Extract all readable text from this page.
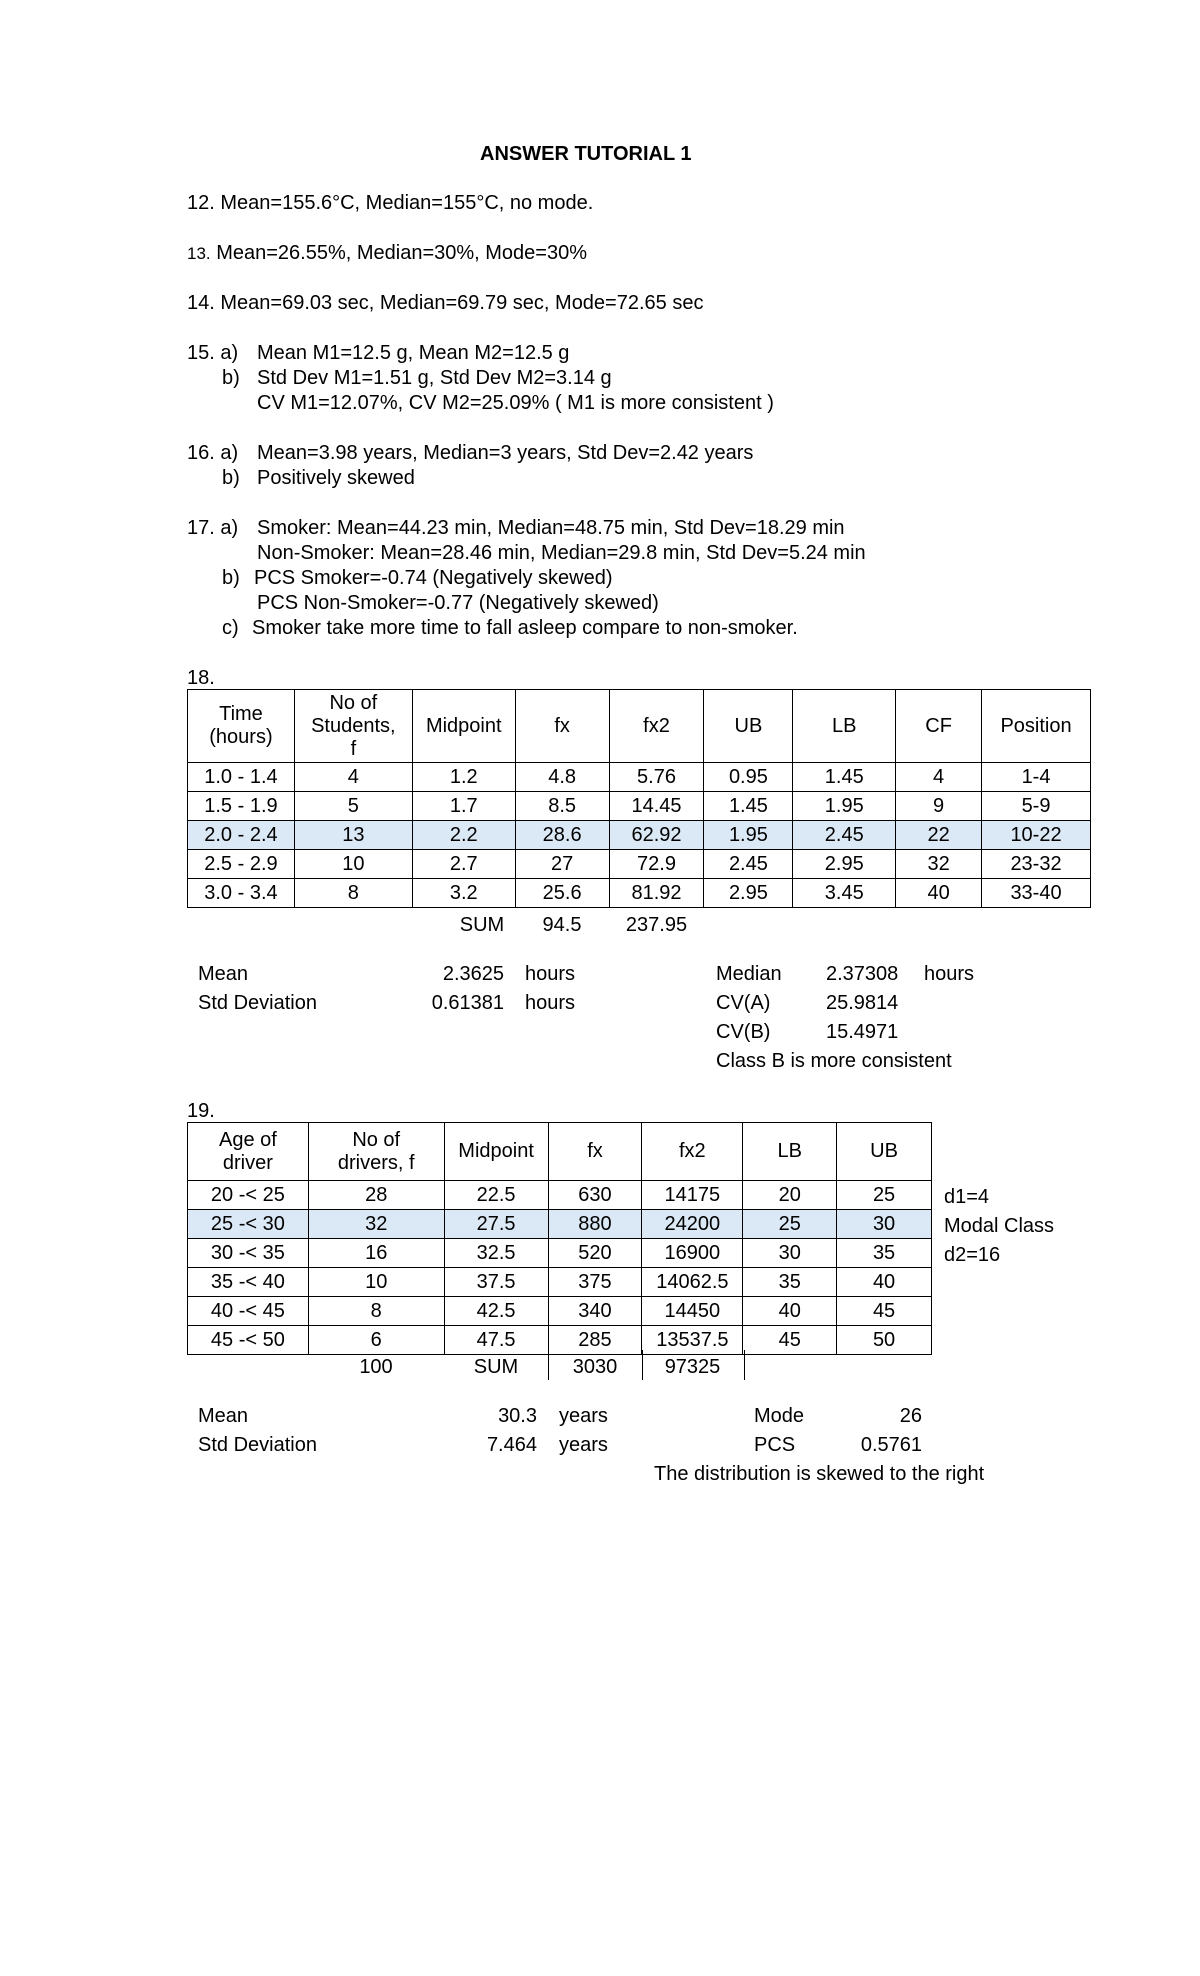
ANSWER TUTORIAL 1
12. Mean=155.6°C, Median=155°C, no mode.
13. Mean=26.55%, Median=30%, Mode=30%
14. Mean=69.03 sec, Median=69.79 sec, Mode=72.65 sec
15. a) Mean M1=12.5 g, Mean M2=12.5 g
b) Std Dev M1=1.51 g, Std Dev M2=3.14 g
CV M1=12.07%, CV M2=25.09% ( M1 is more consistent )
16. a) Mean=3.98 years, Median=3 years, Std Dev=2.42 years
b) Positively skewed
17. a) Smoker: Mean=44.23 min, Median=48.75 min, Std Dev=18.29 min
Non-Smoker: Mean=28.46 min, Median=29.8 min, Std Dev=5.24 min
b) PCS Smoker=-0.74 (Negatively skewed)
PCS Non-Smoker=-0.77 (Negatively skewed)
c) Smoker take more time to fall asleep compare to non-smoker.
18.
Time
(hours)	No of
Students,
f	Midpoint	fx	fx2	UB	LB	CF	Position
1.0 - 1.4	4	1.2	4.8	5.76	0.95	1.45	4	1-4
1.5 - 1.9	5	1.7	8.5	14.45	1.45	1.95	9	5-9
2.0 - 2.4	13	2.2	28.6	62.92	1.95	2.45	22	10-22
2.5 - 2.9	10	2.7	27	72.9	2.45	2.95	32	23-32
3.0 - 3.4	8	3.2	25.6	81.92	2.95	3.45	40	33-40
SUM	94.5	237.95
Mean	2.3625 hours
Std Deviation	0.61381 hours
Median 2.37308 hours
CV(A)	25.9814
CV(B)	15.4971
Class B is more consistent
19.
Age of
driver	No of
drivers, f	Midpoint	fx	fx2	LB	UB
20 -< 25	28	22.5	630	14175	20	25
25 -< 30	32	27.5	880	24200	25	30
30 -< 35	16	32.5	520	16900	30	35
35 -< 40	10	37.5	375	14062.5	35	40
40 -< 45	8	42.5	340	14450	40	45
45 -< 50	6	47.5	285	13537.5	45	50
100	SUM	3030	97325
d1=4
Modal Class
d2=16
Mean	30.3 years
Std Deviation	7.464 years
Mode	26
PCS	0.5761
The distribution is skewed to the right
